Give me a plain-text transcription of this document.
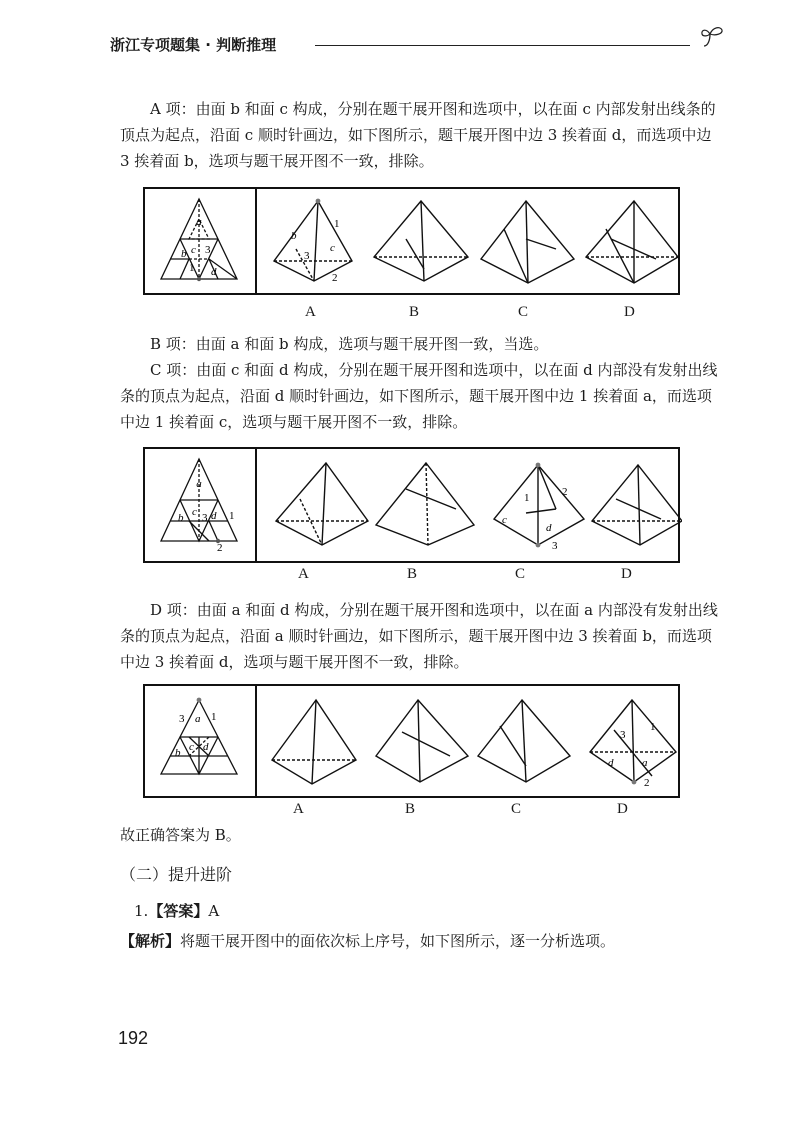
浙江专项题集 · 判断推理

A 项：由面 b 和面 c 构成，分别在题干展开图和选项中，以在面 c 内部发射出线条的顶点为起点，沿面 c 顺时针画边，如下图所示，题干展开图中边 3 挨着面 d，而选项中边 3 挨着面 b，选项与题干展开图不一致，排除。

a
b c
d
3
1
b
c
3
1
2
A	B	C	D

B 项：由面 a 和面 b 构成，选项与题干展开图一致，当选。

C 项：由面 c 和面 d 构成，分别在题干展开图和选项中，以在面 d 内部没有发射出线条的顶点为起点，沿面 d 顺时针画边，如下图所示，题干展开图中边 1 挨着面 a，而选项中边 1 挨着面 c，选项与题干展开图不一致，排除。

a
b c d
3 1
2
c
d
1	2
3
A	B	C	D

D 项：由面 a 和面 d 构成，分别在题干展开图和选项中，以在面 a 内部没有发射出线条的顶点为起点，沿面 a 顺时针画边，如下图所示，题干展开图中边 3 挨着面 b，而选项中边 3 挨着面 d，选项与题干展开图不一致，排除。

a
b c d
3 1
d	a
3
1
2
A	B	C	D

故正确答案为 B。

（二）提升进阶
1.【答案】A
【解析】将题干展开图中的面依次标上序号，如下图所示，逐一分析选项。
192
